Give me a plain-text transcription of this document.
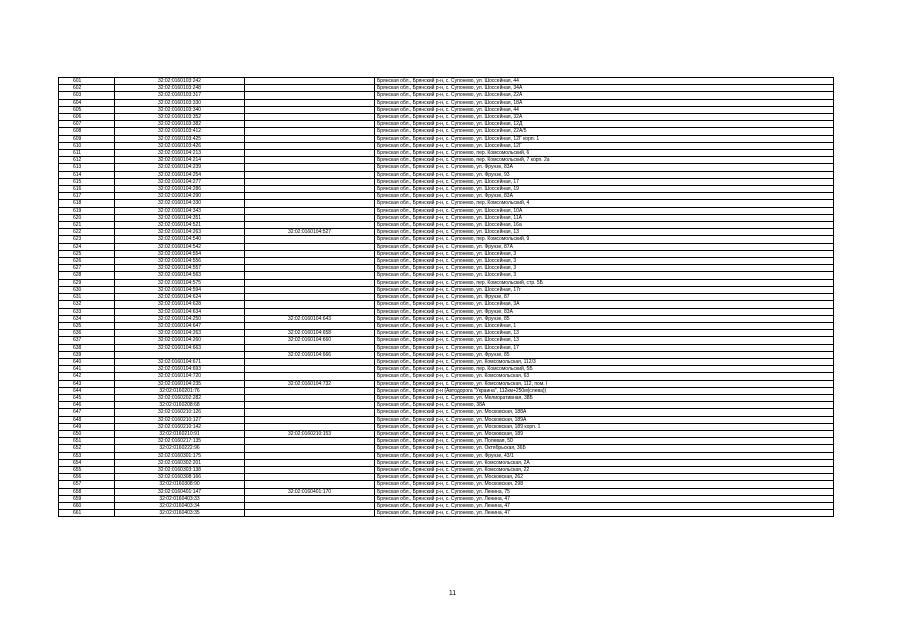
601	32:02:0160103:242		Брянская обл., Брянский р-н, с. Супонево, ул. Шоссейная, 44
602	32:02:0160103:248		Брянская обл., Брянский р-н, с. Супонево, ул. Шоссейная, 34А
603	32:02:0160103:317		Брянская обл., Брянский р-н, с. Супонево, ул. Шоссейная, 22А
604	32:02:0160103:330		Брянская обл., Брянский р-н, с. Супонево, ул. Шоссейная, 18А
605	32:02:0160103:340		Брянская обл., Брянский р-н, с. Супонево, ул. Шоссейная, 44
606	32:02:0160103:352		Брянская обл., Брянский р-н, с. Супонево, ул. Шоссейная, 32А
607	32:02:0160103:382		Брянская обл., Брянский р-н, с. Супонево, ул. Шоссейная, 12Д
608	32:02:0160103:412		Брянская обл., Брянский р-н, с. Супонево, ул. Шоссейная, 22А/5
609	32:02:0160103:425		Брянская обл., Брянский р-н, с. Супонево, ул. Шоссейная, 12Г корп. 1
610	32:02:0160103:426		Брянская обл., Брянский р-н, с. Супонево, ул. Шоссейная, 12Г
611	32:02:0160104:213		Брянская обл., Брянский р-н, с. Супонево, пер. Комсомольский, 6
612	32:02:0160104:214		Брянская обл., Брянский р-н, с. Супонево, пер. Комсомольский, 7 корп. 2а
613	32:02:0160104:239		Брянская обл., Брянский р-н, с. Супонево, ул. Фрунзе, 83А
614	32:02:0160104:254		Брянская обл., Брянский р-н, с. Супонево, ул. Фрунзе, 93
615	32:02:0160104:277		Брянская обл., Брянский р-н, с. Супонево, ул. Шоссейная, 17
616	32:02:0160104:286		Брянская обл., Брянский р-н, с. Супонево, ул. Шоссейная, 19
617	32:02:0160104:290		Брянская обл., Брянский р-н, с. Супонево, ул. Фрунзе, 83А
618	32:02:0160104:330		Брянская обл., Брянский р-н, с. Супонево, пер. Комсомольский, 4
619	32:02:0160104:343		Брянская обл., Брянский р-н, с. Супонево, ул. Шоссейная, 10А
620	32:02:0160104:351		Брянская обл., Брянский р-н, с. Супонево, ул. Шоссейная, 11А
621	32:02:0160104:521		Брянская обл., Брянский р-н, с. Супонево, ул. Шоссейная, 16а
622	32:02:0160104:263	32:02:0160104:527	Брянская обл., Брянский р-н, с. Супонево, ул. Шоссейная, 13
623	32:02:0160104:540		Брянская обл., Брянский р-н, с. Супонево, пер. Комсомольский, 9
624	32:02:0160104:542		Брянская обл., Брянский р-н, с. Супонево, ул. Фрунзе, 87А
625	32:02:0160104:554		Брянская обл., Брянский р-н, с. Супонево, ул. Шоссейная, 3
626	32:02:0160104:556		Брянская обл., Брянский р-н, с. Супонево, ул. Шоссейная, 3
627	32:02:0160104:557		Брянская обл., Брянский р-н, с. Супонево, ул. Шоссейная, 3
628	32:02:0160104:563		Брянская обл., Брянский р-н, с. Супонево, ул. Шоссейная, 3
629	32:02:0160104:575		Брянская обл., Брянский р-н, с. Супонево, пер. Комсомольский, стр. 5Б
630	32:02:0160104:594		Брянская обл., Брянский р-н, с. Супонево, ул. Шоссейная, 17г
631	32:02:0160104:624		Брянская обл., Брянский р-н, с. Супонево, ул. Фрунзе, 87
632	32:02:0160104:628		Брянская обл., Брянский р-н, с. Супонево, ул. Шоссейная, 3А
633	32:02:0160104:634		Брянская обл., Брянский р-н, с. Супонево, ул. Фрунзе, 83А
634	32:02:0160104:250	32:02:0160104:643	Брянская обл., Брянский р-н, с. Супонево, ул. Фрунзе, 85
635	32:02:0160104:647		Брянская обл., Брянский р-н, с. Супонево, ул. Шоссейная, 1
636	32:02:0160104:263	32:02:0160104:658	Брянская обл., Брянский р-н, с. Супонево, ул. Шоссейная, 13
637	32:02:0160104:260	32:02:0160104:660	Брянская обл., Брянский р-н, с. Супонево, ул. Шоссейная, 13
638	32:02:0160104:663		Брянская обл., Брянский р-н, с. Супонево, ул. Шоссейная, 17
639		32:02:0160104:666	Брянская обл., Брянский р-н, с. Супонево, ул. Фрунзе, 85
640	32:02:0160104:671		Брянская обл., Брянский р-н, с. Супонево, ул. Комсомольская, 112/3
641	32:02:0160104:693		Брянская обл., Брянский р-н, с. Супонево, пер. Комсомольский, 5Б
642	32:02:0160104:720		Брянская обл., Брянский р-н, с. Супонево, ул. Комсомольская, 63
643	32:02:0160104:235	32:02:0160104:732	Брянская обл., Брянский р-н, с. Супонево, ул. Комсомольская, 112, пом. I
644	32:02:0160201:76		Брянская обл., Брянский р-н (Автодорога "Украина", 112км+250м(слева))
645	32:02:0160202:282		Брянская обл., Брянский р-н, с. Супонево, ул. Мелиоративная, 38Б
646	32:02:0160208:68		Брянская обл., Брянский р-н, с. Супонево, 38А
647	32:02:0160210:126		Брянская обл., Брянский р-н, с. Супонево, ул. Московская, 188А
648	32:02:0160210:127		Брянская обл., Брянский р-н, с. Супонево, ул. Московская, 189А
649	32:02:0160210:142		Брянская обл., Брянский р-н, с. Супонево, ул. Московская, 189 корп. 1
650	32:02:0160210:91	32:02:0160210:153	Брянская обл., Брянский р-н, с. Супонево, ул. Московская, 189
651	32:02:0160217:135		Брянская обл., Брянский р-н, с. Супонево, ул. Полевая, 50
652	32:02:0160222:96		Брянская обл., Брянский р-н, с. Супонево, ул. Октябрьская, 36Б
653	32:02:0160301:175		Брянская обл., Брянский р-н, с. Супонево, ул. Фрунзе, 43/1
654	32:02:0160302:201		Брянская обл., Брянский р-н, с. Супонево, ул. Комсомольская, 2А
655	32:02:0160303:138		Брянская обл., Брянский р-н, с. Супонево, ул. Комсомольская, 22
656	32:02:0160308:166		Брянская обл., Брянский р-н, с. Супонево, ул. Московская, 262
657	32:02:0160308:90		Брянская обл., Брянский р-н, с. Супонево, ул. Московская, 298
658	32:02:0160401:147	32:02:0160401:170	Брянская обл., Брянский р-н, с. Супонево, ул. Ленина, 75
659	32:02:0160403:33		Брянская обл., Брянский р-н, с. Супонево, ул. Ленина, 47
660	32:02:0160403:34		Брянская обл., Брянский р-н, с. Супонево, ул. Ленина, 47
661	32:02:0160403:35		Брянская обл., Брянский р-н, с. Супонево, ул. Ленина, 47
11
